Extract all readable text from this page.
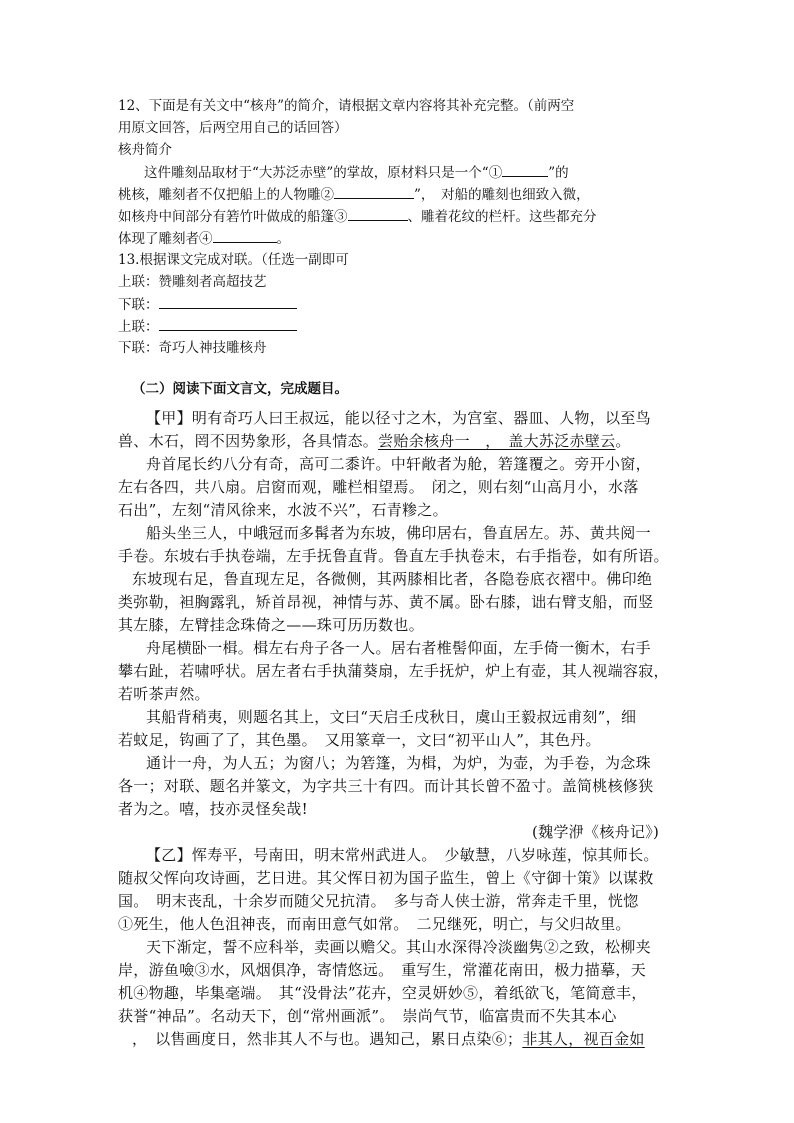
12、下面是有关文中“核舟”的简介，请根据文章内容将其补充完整。（前两空
用原文回答，后两空用自己的话回答）
核舟简介
这件雕刻品取材于“大苏泛赤壁”的掌故，原材料只是一个“①	”的
桃核，雕刻者不仅把船上的人物雕②	”，　对船的雕刻也细致入微，
如核舟中间部分有箬竹叶做成的船篷③	、雕着花纹的栏杆。这些都充分
体现了雕刻者④	。
13.根据课文完成对联。（任选一副即可
上联：赞雕刻者高超技艺
下联：
上联：
下联：奇巧人神技雕核舟
（二）阅读下面文言文，完成题目。
【甲】明有奇巧人曰王叔远，能以径寸之木，为宫室、器皿、人物，以至鸟
兽、木石，罔不因势象形，各具情态。尝贻余核舟一　，　盖大苏泛赤壁云。
舟首尾长约八分有奇，高可二黍许。中轩敞者为舱，箬篷覆之。旁开小窗，
左右各四，共八扇。启窗而观，雕栏相望焉。　闭之，则右刻“山高月小，水落
石出”，左刻“清风徐来，水波不兴”，石青糁之。
船头坐三人，中峨冠而多髯者为东坡，佛印居右，鲁直居左。苏、黄共阅一
手卷。东坡右手执卷端，左手抚鲁直背。鲁直左手执卷末，右手指卷，如有所语。
东坡现右足，鲁直现左足，各微侧，其两膝相比者，各隐卷底衣褶中。佛印绝
类弥勒，袒胸露乳，矫首昂视，神情与苏、黄不属。卧右膝，诎右臂支船，而竖
其左膝，左臂挂念珠倚之——珠可历历数也。
舟尾横卧一楫。楫左右舟子各一人。居右者椎髻仰面，左手倚一衡木，右手
攀右趾，若啸呼状。居左者右手执蒲葵扇，左手抚炉，炉上有壶，其人视端容寂，
若听茶声然。
其船背稍夷，则题名其上，文曰“天启壬戌秋日，虞山王毅叔远甫刻”，细
若蚊足，钩画了了，其色墨。　又用篆章一，文曰“初平山人”，其色丹。
通计一舟，为人五；为窗八；为箬篷，为楫，为炉，为壶，为手卷，为念珠
各一；对联、题名并篆文，为字共三十有四。而计其长曾不盈寸。盖简桃核修狭
者为之。嘻，技亦灵怪矣哉!
(魏学洢《核舟记》)
【乙】恽寿平，号南田，明末常州武进人。　少敏慧，八岁咏莲，惊其师长。
随叔父恽向攻诗画，艺日进。其父恽日初为国子监生，曾上《守御十策》以谋救
国。　明末丧乱，十余岁而随父兄抗清。　多与奇人侠士游，常奔走千里，恍惚
①死生，他人色沮神丧，而南田意气如常。　二兄继死，明亡，与父归故里。
天下渐定，誓不应科举，卖画以赡父。其山水深得冷淡幽隽②之致，松柳夹
岸，游鱼噞③水，风烟俱净，寄情悠远。　重写生，常灌花南田，极力描摹，天
机④物趣，毕集毫端。　其“没骨法”花卉，空灵妍妙⑤，着纸欲飞，笔简意丰，
获誉“神品”。名动天下，创“常州画派”。　崇尚气节，临富贵而不失其本心
，　以售画度日，然非其人不与也。遇知己，累日点染⑥；非其人，视百金如
